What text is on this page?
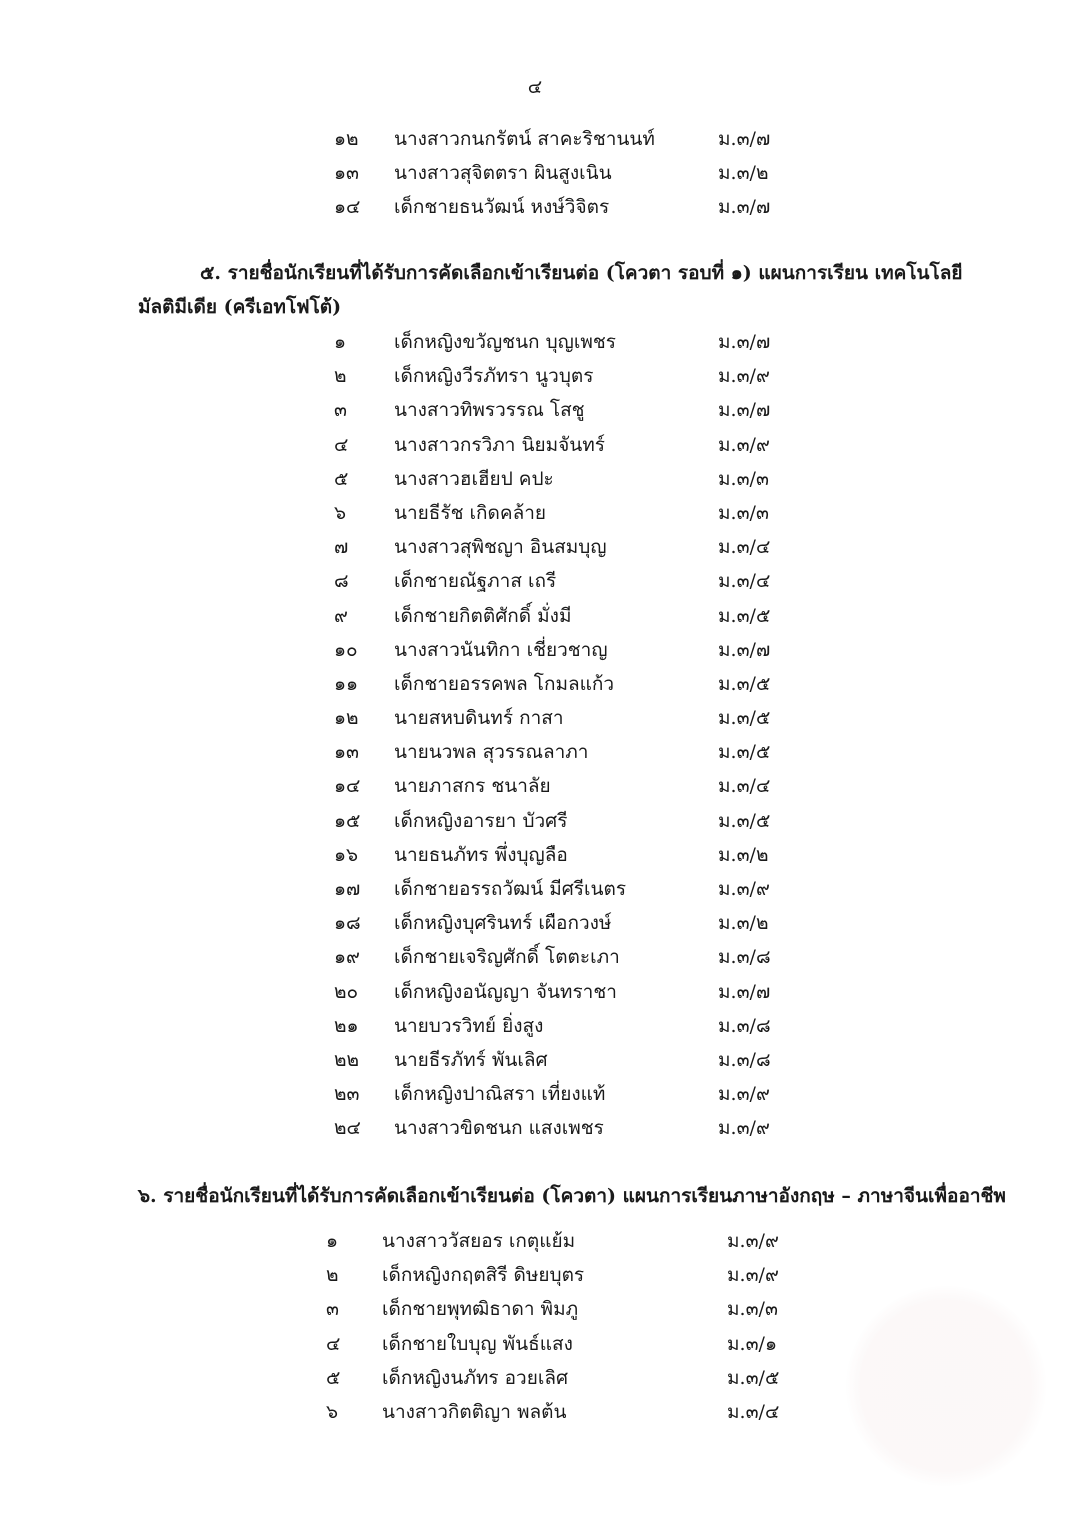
๔
๑๒ นางสาวกนกรัตน์ สาคะริชานนท์	ม.๓/๗
๑๓ นางสาวสุจิตตรา ผินสูงเนิน	ม.๓/๒
๑๔ เด็กชายธนวัฒน์ หงษ์วิจิตร	ม.๓/๗
๕. รายชื่อนักเรียนที่ได้รับการคัดเลือกเข้าเรียนต่อ (โควตา รอบที่ ๑) แผนการเรียน เทคโนโลยี
มัลติมีเดีย (ครีเอทโฟโต้)
๑	เด็กหญิงขวัญชนก บุญเพชร	ม.๓/๗
๒ เด็กหญิงวีรภัทรา นูวบุตร	ม.๓/๙
๓ นางสาวทิพรวรรณ โสชู	ม.๓/๗
๔ นางสาวกรวิภา นิยมจันทร์	ม.๓/๙
๕ นางสาวฮเฮียป คปะ	ม.๓/๓
๖	นายธีรัช เกิดคล้าย	ม.๓/๓
๗ นางสาวสุพิชญา อินสมบุญ	ม.๓/๔
๘ เด็กชายณัฐภาส เถรี	ม.๓/๔
๙ เด็กชายกิตติศักดิ์ มั่งมี	ม.๓/๕
๑๐ นางสาวนันทิกา เชี่ยวชาญ	ม.๓/๗
๑๑ เด็กชายอรรคพล โกมลแก้ว	ม.๓/๕
๑๒ นายสหบดินทร์ กาสา	ม.๓/๕
๑๓ นายนวพล สุวรรณลาภา	ม.๓/๕
๑๔ นายภาสกร ชนาลัย	ม.๓/๔
๑๕ เด็กหญิงอารยา บัวศรี	ม.๓/๕
๑๖ นายธนภัทร พึ่งบุญลือ	ม.๓/๒
๑๗ เด็กชายอรรถวัฒน์ มีศรีเนตร	ม.๓/๙
๑๘ เด็กหญิงบุศรินทร์ เผือกวงษ์	ม.๓/๒
๑๙ เด็กชายเจริญศักดิ์ โตตะเภา	ม.๓/๘
๒๐ เด็กหญิงอนัญญา จันทราชา	ม.๓/๗
๒๑ นายบวรวิทย์ ยิ่งสูง	ม.๓/๘
๒๒ นายธีรภัทร์ พันเลิศ	ม.๓/๘
๒๓ เด็กหญิงปาณิสรา เที่ยงแท้	ม.๓/๙
๒๔ นางสาวขิดชนก แสงเพชร	ม.๓/๙
๖. รายชื่อนักเรียนที่ได้รับการคัดเลือกเข้าเรียนต่อ (โควตา) แผนการเรียนภาษาอังกฤษ – ภาษาจีนเพื่ออาชีพ
๑ นางสาววัสยอร เกตุแย้ม	ม.๓/๙
๒ เด็กหญิงกฤตสิรี ดิษยบุตร	ม.๓/๙
๓ เด็กชายพุทฒิธาดา พิมภู	ม.๓/๓
๔ เด็กชายใบบุญ พันธ์แสง	ม.๓/๑
๕ เด็กหญิงนภัทร อวยเลิศ	ม.๓/๕
๖ นางสาวกิตติญา พลต้น	ม.๓/๔
